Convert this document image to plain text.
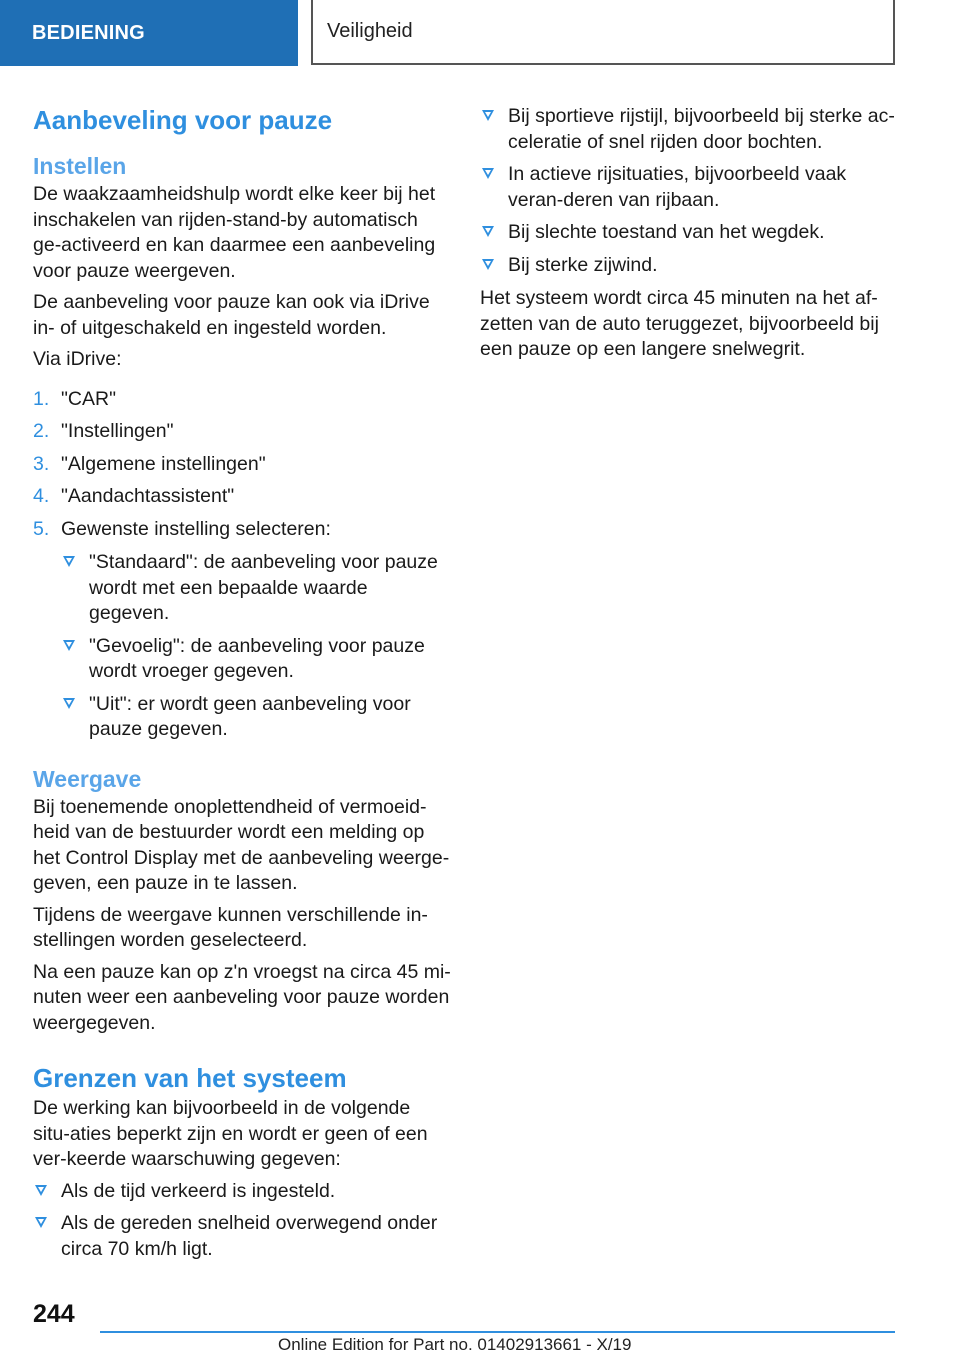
BEDIENING	Veiligheid
Aanbeveling voor pauze
Instellen

De waakzaamheidshulp wordt elke keer bij het inschakelen van rijden-stand-by automatisch ge-activeerd en kan daarmee een aanbeveling voor pauze weergeven.

De aanbeveling voor pauze kan ook via iDrive in- of uitgeschakeld en ingesteld worden.

Via iDrive:

1. "CAR"
2. "Instellingen"
3. "Algemene instellingen"
4. "Aandachtassistent"
5. Gewenste instelling selecteren:
"Standaard": de aanbeveling voor pauze wordt met een bepaalde waarde gegeven.
"Gevoelig": de aanbeveling voor pauze wordt vroeger gegeven.
"Uit": er wordt geen aanbeveling voor pauze gegeven.
Weergave

Bij toenemende onoplettendheid of vermoeid-heid van de bestuurder wordt een melding op het Control Display met de aanbeveling weerge-geven, een pauze in te lassen.

Tijdens de weergave kunnen verschillende in-stellingen worden geselecteerd.

Na een pauze kan op z'n vroegst na circa 45 mi-nuten weer een aanbeveling voor pauze worden weergegeven.

Grenzen van het systeem

De werking kan bijvoorbeeld in de volgende situ-aties beperkt zijn en wordt er geen of een ver-keerde waarschuwing gegeven:

Als de tijd verkeerd is ingesteld.
Als de gereden snelheid overwegend onder circa 70 km/h ligt.
Bij sportieve rijstijl, bijvoorbeeld bij sterke ac-celeratie of snel rijden door bochten.
In actieve rijsituaties, bijvoorbeeld vaak veran-deren van rijbaan.
Bij slechte toestand van het wegdek.
Bij sterke zijwind.

Het systeem wordt circa 45 minuten na het af-zetten van de auto teruggezet, bijvoorbeeld bij een pauze op een langere snelwegrit.

244
Online Edition for Part no. 01402913661 - X/19
